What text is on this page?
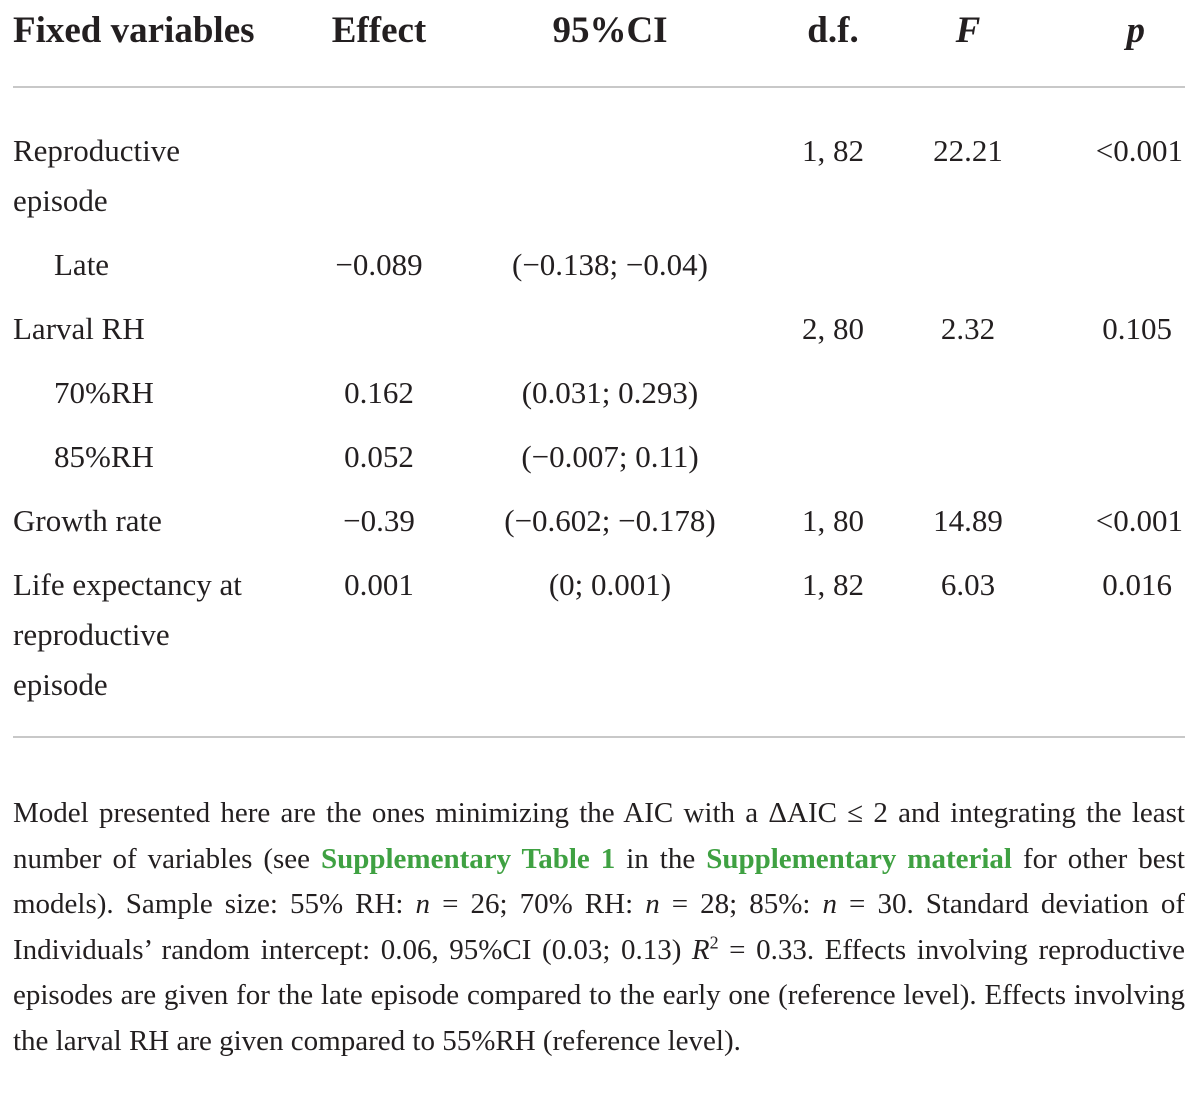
Fixed variables	Effect	95%CI	d.f.	F	p
Reproductive episode			1, 82	22.21	<0.001
Late	−0.089	(−0.138; −0.04)			
Larval RH			2, 80	2.32	0.105
70%RH	0.162	(0.031; 0.293)			
85%RH	0.052	(−0.007; 0.11)			
Growth rate	−0.39	(−0.602; −0.178)	1, 80	14.89	<0.001
Life expectancy at reproductive episode	0.001	(0; 0.001)	1, 82	6.03	0.016

Model presented here are the ones minimizing the AIC with a ΔAIC ≤ 2 and integrating the least number of variables (see Supplementary Table 1 in the Supplementary material for other best models). Sample size: 55% RH: n = 26; 70% RH: n = 28; 85%: n = 30. Standard deviation of Individuals’ random intercept: 0.06, 95%CI (0.03; 0.13) $R^2 = 0.33$. Effects involving reproductive episodes are given for the late episode compared to the early one (reference level). Effects involving the larval RH are given compared to 55%RH (reference level).
